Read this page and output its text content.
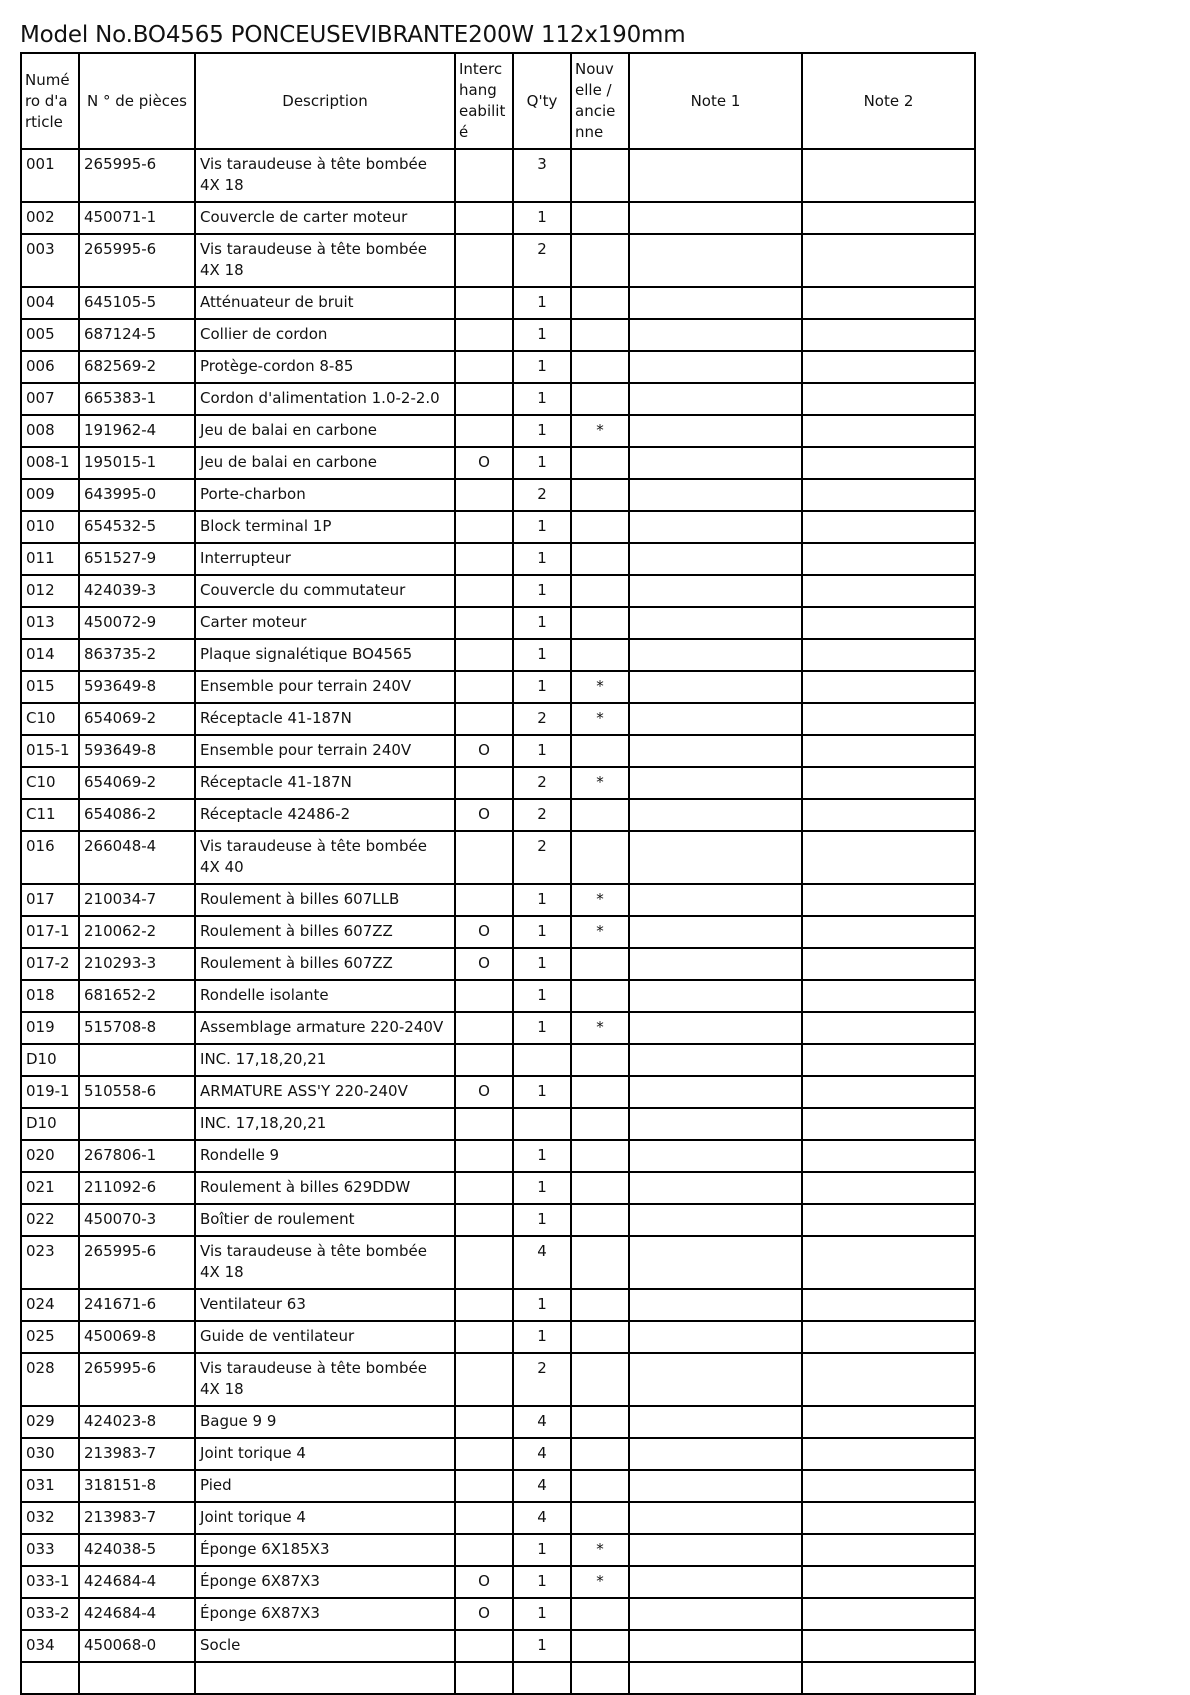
Model No.BO4565 PONCEUSEVIBRANTE200W 112x190mm
Numé ro d'a rticle	N ° de pièces	Description	Interc hang eabilit é	Q'ty	Nouv elle / ancie nne	Note 1	Note 2
001	265995-6	Vis taraudeuse à tête bombée 4X 18		3			
002	450071-1	Couvercle de carter moteur		1			
003	265995-6	Vis taraudeuse à tête bombée 4X 18		2			
004	645105-5	Atténuateur de bruit		1			
005	687124-5	Collier de cordon		1			
006	682569-2	Protège-cordon 8-85		1			
007	665383-1	Cordon d'alimentation 1.0-2-2.0		1			
008	191962-4	Jeu de balai en carbone		1	*		
008-1	195015-1	Jeu de balai en carbone	O	1			
009	643995-0	Porte-charbon		2			
010	654532-5	Block terminal 1P		1			
011	651527-9	Interrupteur		1			
012	424039-3	Couvercle du commutateur		1			
013	450072-9	Carter moteur		1			
014	863735-2	Plaque signalétique BO4565		1			
015	593649-8	Ensemble pour terrain 240V		1	*		
C10	654069-2	Réceptacle 41-187N		2	*		
015-1	593649-8	Ensemble pour terrain 240V	O	1			
C10	654069-2	Réceptacle 41-187N		2	*		
C11	654086-2	Réceptacle 42486-2	O	2			
016	266048-4	Vis taraudeuse à tête bombée 4X 40		2			
017	210034-7	Roulement à billes 607LLB		1	*		
017-1	210062-2	Roulement à billes 607ZZ	O	1	*		
017-2	210293-3	Roulement à billes 607ZZ	O	1			
018	681652-2	Rondelle isolante		1			
019	515708-8	Assemblage armature 220-240V		1	*		
D10		INC. 17,18,20,21					
019-1	510558-6	ARMATURE ASS'Y 220-240V	O	1			
D10		INC. 17,18,20,21					
020	267806-1	Rondelle 9		1			
021	211092-6	Roulement à billes 629DDW		1			
022	450070-3	Boîtier de roulement		1			
023	265995-6	Vis taraudeuse à tête bombée 4X 18		4			
024	241671-6	Ventilateur 63		1			
025	450069-8	Guide de ventilateur		1			
028	265995-6	Vis taraudeuse à tête bombée 4X 18		2			
029	424023-8	Bague 9 9		4			
030	213983-7	Joint torique 4		4			
031	318151-8	Pied		4			
032	213983-7	Joint torique 4		4			
033	424038-5	Éponge 6X185X3		1	*		
033-1	424684-4	Éponge 6X87X3	O	1	*		
033-2	424684-4	Éponge 6X87X3	O	1			
034	450068-0	Socle		1			
